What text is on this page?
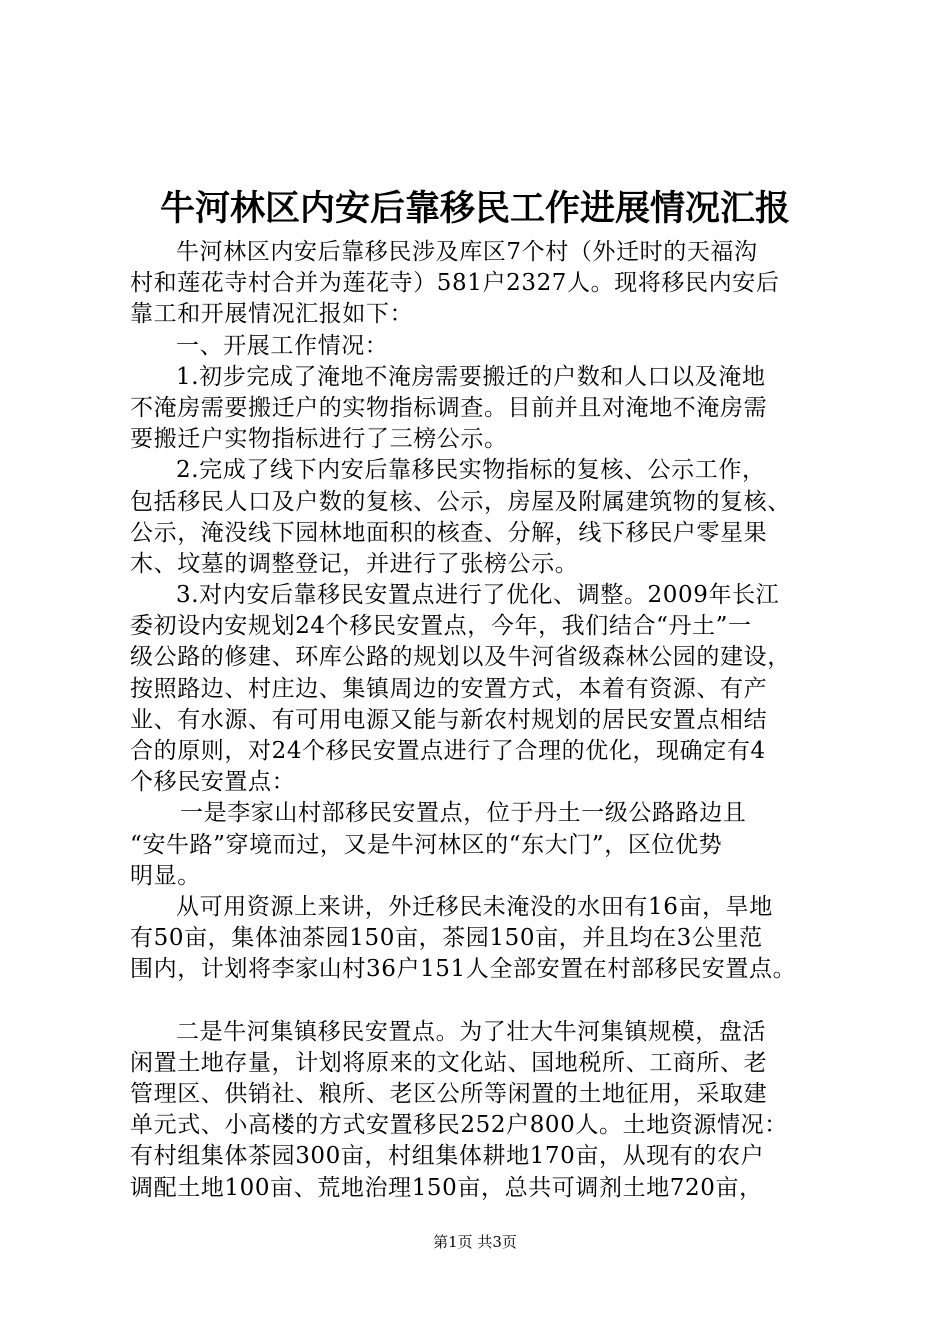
牛河林区内安后靠移民工作进展情况汇报
牛河林区内安后靠移民涉及库区7个村（外迁时的天福沟
村和莲花寺村合并为莲花寺）581户2327人。现将移民内安后
靠工和开展情况汇报如下：
一、开展工作情况：
1.初步完成了淹地不淹房需要搬迁的户数和人口以及淹地
不淹房需要搬迁户的实物指标调查。目前并且对淹地不淹房需
要搬迁户实物指标进行了三榜公示。
2.完成了线下内安后靠移民实物指标的复核、公示工作，
包括移民人口及户数的复核、公示，房屋及附属建筑物的复核、
公示，淹没线下园林地面积的核查、分解，线下移民户零星果
木、坟墓的调整登记，并进行了张榜公示。
3.对内安后靠移民安置点进行了优化、调整。2009年长江
委初设内安规划24个移民安置点，今年，我们结合“丹土”一
级公路的修建、环库公路的规划以及牛河省级森林公园的建设，
按照路边、村庄边、集镇周边的安置方式，本着有资源、有产
业、有水源、有可用电源又能与新农村规划的居民安置点相结
合的原则，对24个移民安置点进行了合理的优化，现确定有4
个移民安置点：
一是李家山村部移民安置点，位于丹土一级公路路边且
“安牛路”穿境而过，又是牛河林区的“东大门”，区位优势
明显。
从可用资源上来讲，外迁移民未淹没的水田有16亩，旱地
有50亩，集体油茶园150亩，茶园150亩，并且均在3公里范
围内，计划将李家山村36户151人全部安置在村部移民安置点。
二是牛河集镇移民安置点。为了壮大牛河集镇规模，盘活
闲置土地存量，计划将原来的文化站、国地税所、工商所、老
管理区、供销社、粮所、老区公所等闲置的土地征用，采取建
单元式、小高楼的方式安置移民252户800人。土地资源情况：
有村组集体茶园300亩，村组集体耕地170亩，从现有的农户
调配土地100亩、荒地治理150亩，总共可调剂土地720亩，
第1页 共3页
